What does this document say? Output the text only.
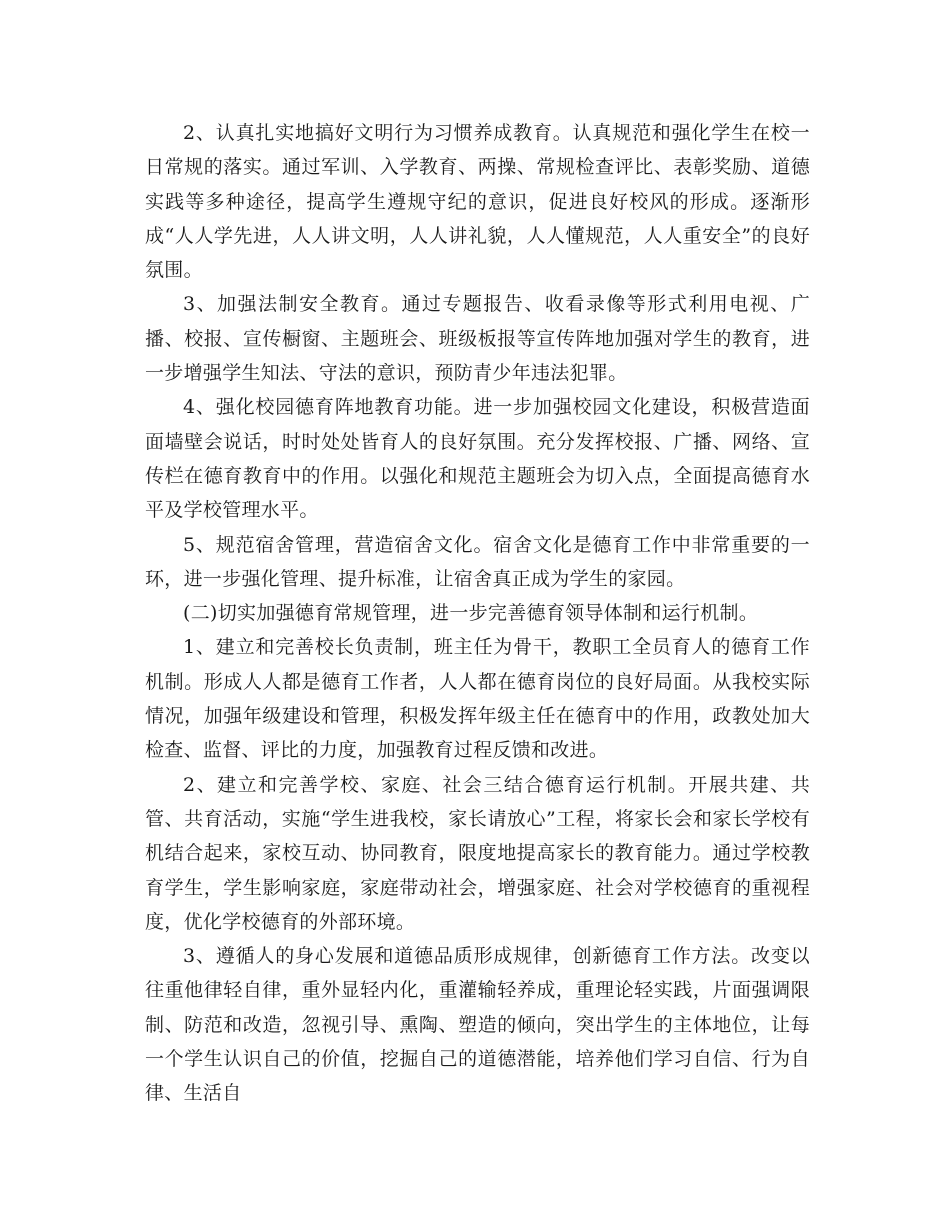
2、认真扎实地搞好文明行为习惯养成教育。认真规范和强化学生在校一日常规的落实。通过军训、入学教育、两操、常规检查评比、表彰奖励、道德实践等多种途径，提高学生遵规守纪的意识，促进良好校风的形成。逐渐形成“人人学先进，人人讲文明，人人讲礼貌，人人懂规范，人人重安全”的良好氛围。

3、加强法制安全教育。通过专题报告、收看录像等形式利用电视、广播、校报、宣传橱窗、主题班会、班级板报等宣传阵地加强对学生的教育，进一步增强学生知法、守法的意识，预防青少年违法犯罪。

4、强化校园德育阵地教育功能。进一步加强校园文化建设，积极营造面面墙壁会说话，时时处处皆育人的良好氛围。充分发挥校报、广播、网络、宣传栏在德育教育中的作用。以强化和规范主题班会为切入点，全面提高德育水平及学校管理水平。

5、规范宿舍管理，营造宿舍文化。宿舍文化是德育工作中非常重要的一环，进一步强化管理、提升标准，让宿舍真正成为学生的家园。

(二)切实加强德育常规管理，进一步完善德育领导体制和运行机制。

1、建立和完善校长负责制，班主任为骨干，教职工全员育人的德育工作机制。形成人人都是德育工作者，人人都在德育岗位的良好局面。从我校实际情况，加强年级建设和管理，积极发挥年级主任在德育中的作用，政教处加大检查、监督、评比的力度，加强教育过程反馈和改进。

2、建立和完善学校、家庭、社会三结合德育运行机制。开展共建、共管、共育活动，实施“学生进我校，家长请放心”工程，将家长会和家长学校有机结合起来，家校互动、协同教育，限度地提高家长的教育能力。通过学校教育学生，学生影响家庭，家庭带动社会，增强家庭、社会对学校德育的重视程度，优化学校德育的外部环境。

3、遵循人的身心发展和道德品质形成规律，创新德育工作方法。改变以往重他律轻自律，重外显轻内化，重灌输轻养成，重理论轻实践，片面强调限制、防范和改造，忽视引导、熏陶、塑造的倾向，突出学生的主体地位，让每一个学生认识自己的价值，挖掘自己的道德潜能，培养他们学习自信、行为自律、生活自
